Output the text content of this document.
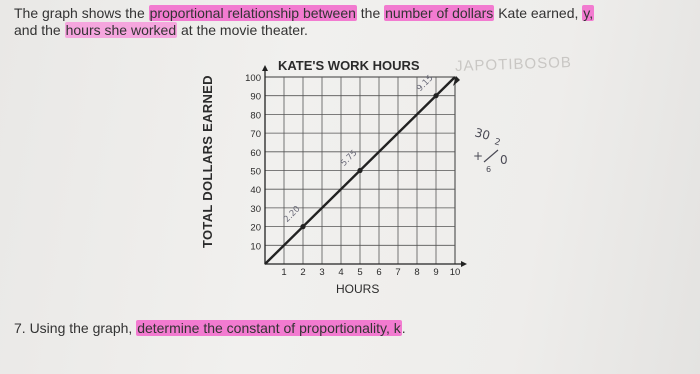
The graph shows the proportional relationship between the number of dollars Kate earned, y,
and the hours she worked at the movie theater.
JAPOTIBOSOB
KATE'S WORK HOURS
TOTAL DOLLARS EARNED
HOURS
10
20
30
40
50
60
70
80
90
100
1 2 3 4 5 6 7 8 9 10
2.20
5.75
9.15
30 2
+ 0
6
7. Using the graph, determine the constant of proportionality, k.
